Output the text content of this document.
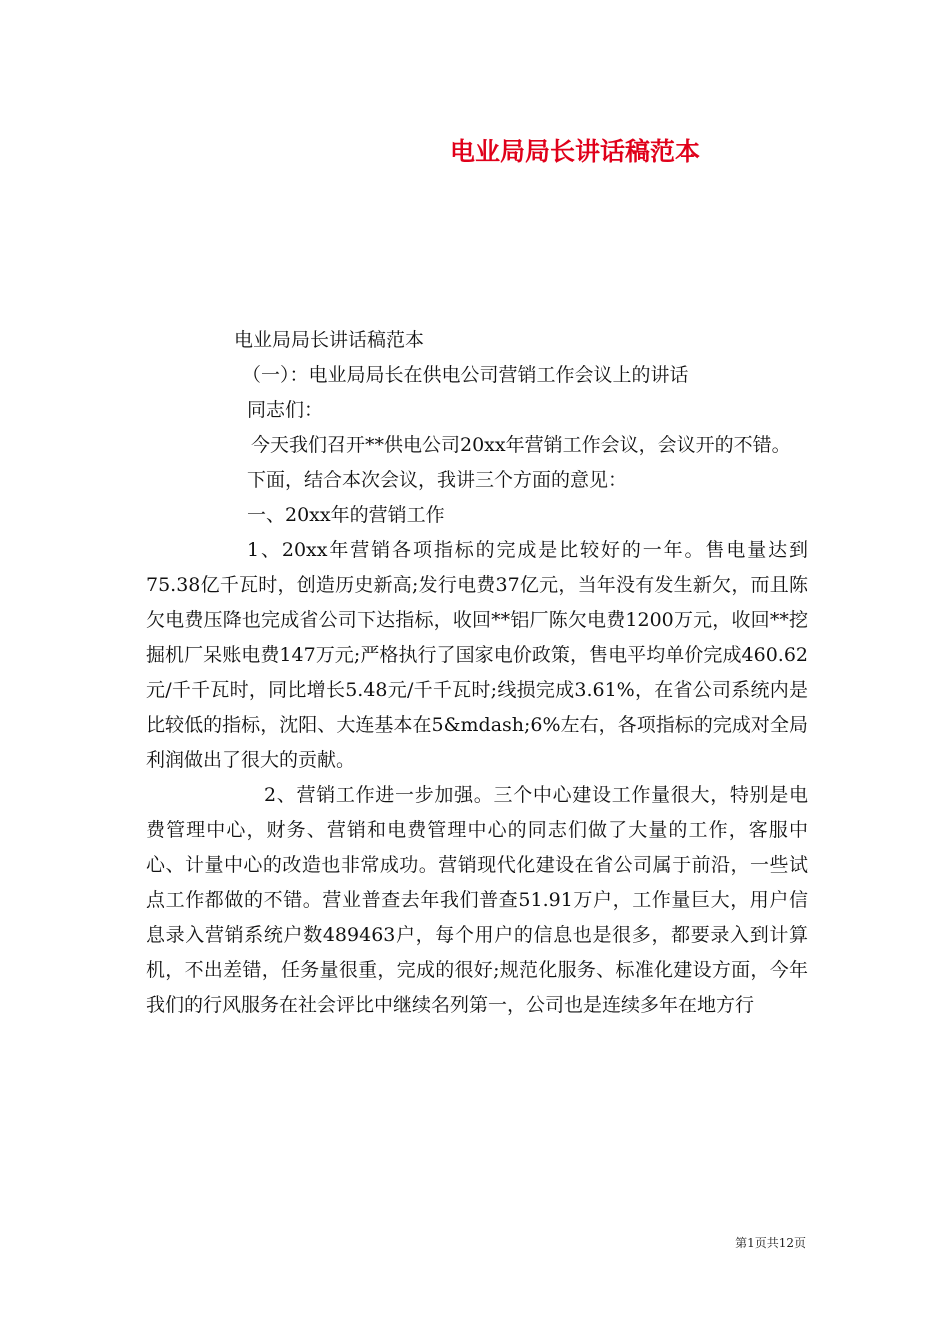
电业局局长讲话稿范本
电业局局长讲话稿范本
（一）：电业局局长在供电公司营销工作会议上的讲话
同志们：
今天我们召开**供电公司20xx年营销工作会议，会议开的不错。
下面，结合本次会议，我讲三个方面的意见：
一、20xx年的营销工作
1、20xx年营销各项指标的完成是比较好的一年。售电量达到75.38亿千瓦时，创造历史新高;发行电费37亿元，当年没有发生新欠，而且陈欠电费压降也完成省公司下达指标，收回**铝厂陈欠电费1200万元，收回**挖掘机厂呆账电费147万元;严格执行了国家电价政策，售电平均单价完成460.62元/千千瓦时，同比增长5.48元/千千瓦时;线损完成3.61%，在省公司系统内是比较低的指标，沈阳、大连基本在5&mdash;6%左右，各项指标的完成对全局利润做出了很大的贡献。
2、营销工作进一步加强。三个中心建设工作量很大，特别是电费管理中心，财务、营销和电费管理中心的同志们做了大量的工作，客服中心、计量中心的改造也非常成功。营销现代化建设在省公司属于前沿，一些试点工作都做的不错。营业普查去年我们普查51.91万户，工作量巨大，用户信息录入营销系统户数489463户，每个用户的信息也是很多，都要录入到计算机，不出差错，任务量很重，完成的很好;规范化服务、标准化建设方面，今年我们的行风服务在社会评比中继续名列第一，公司也是连续多年在地方行
第1页共12页
